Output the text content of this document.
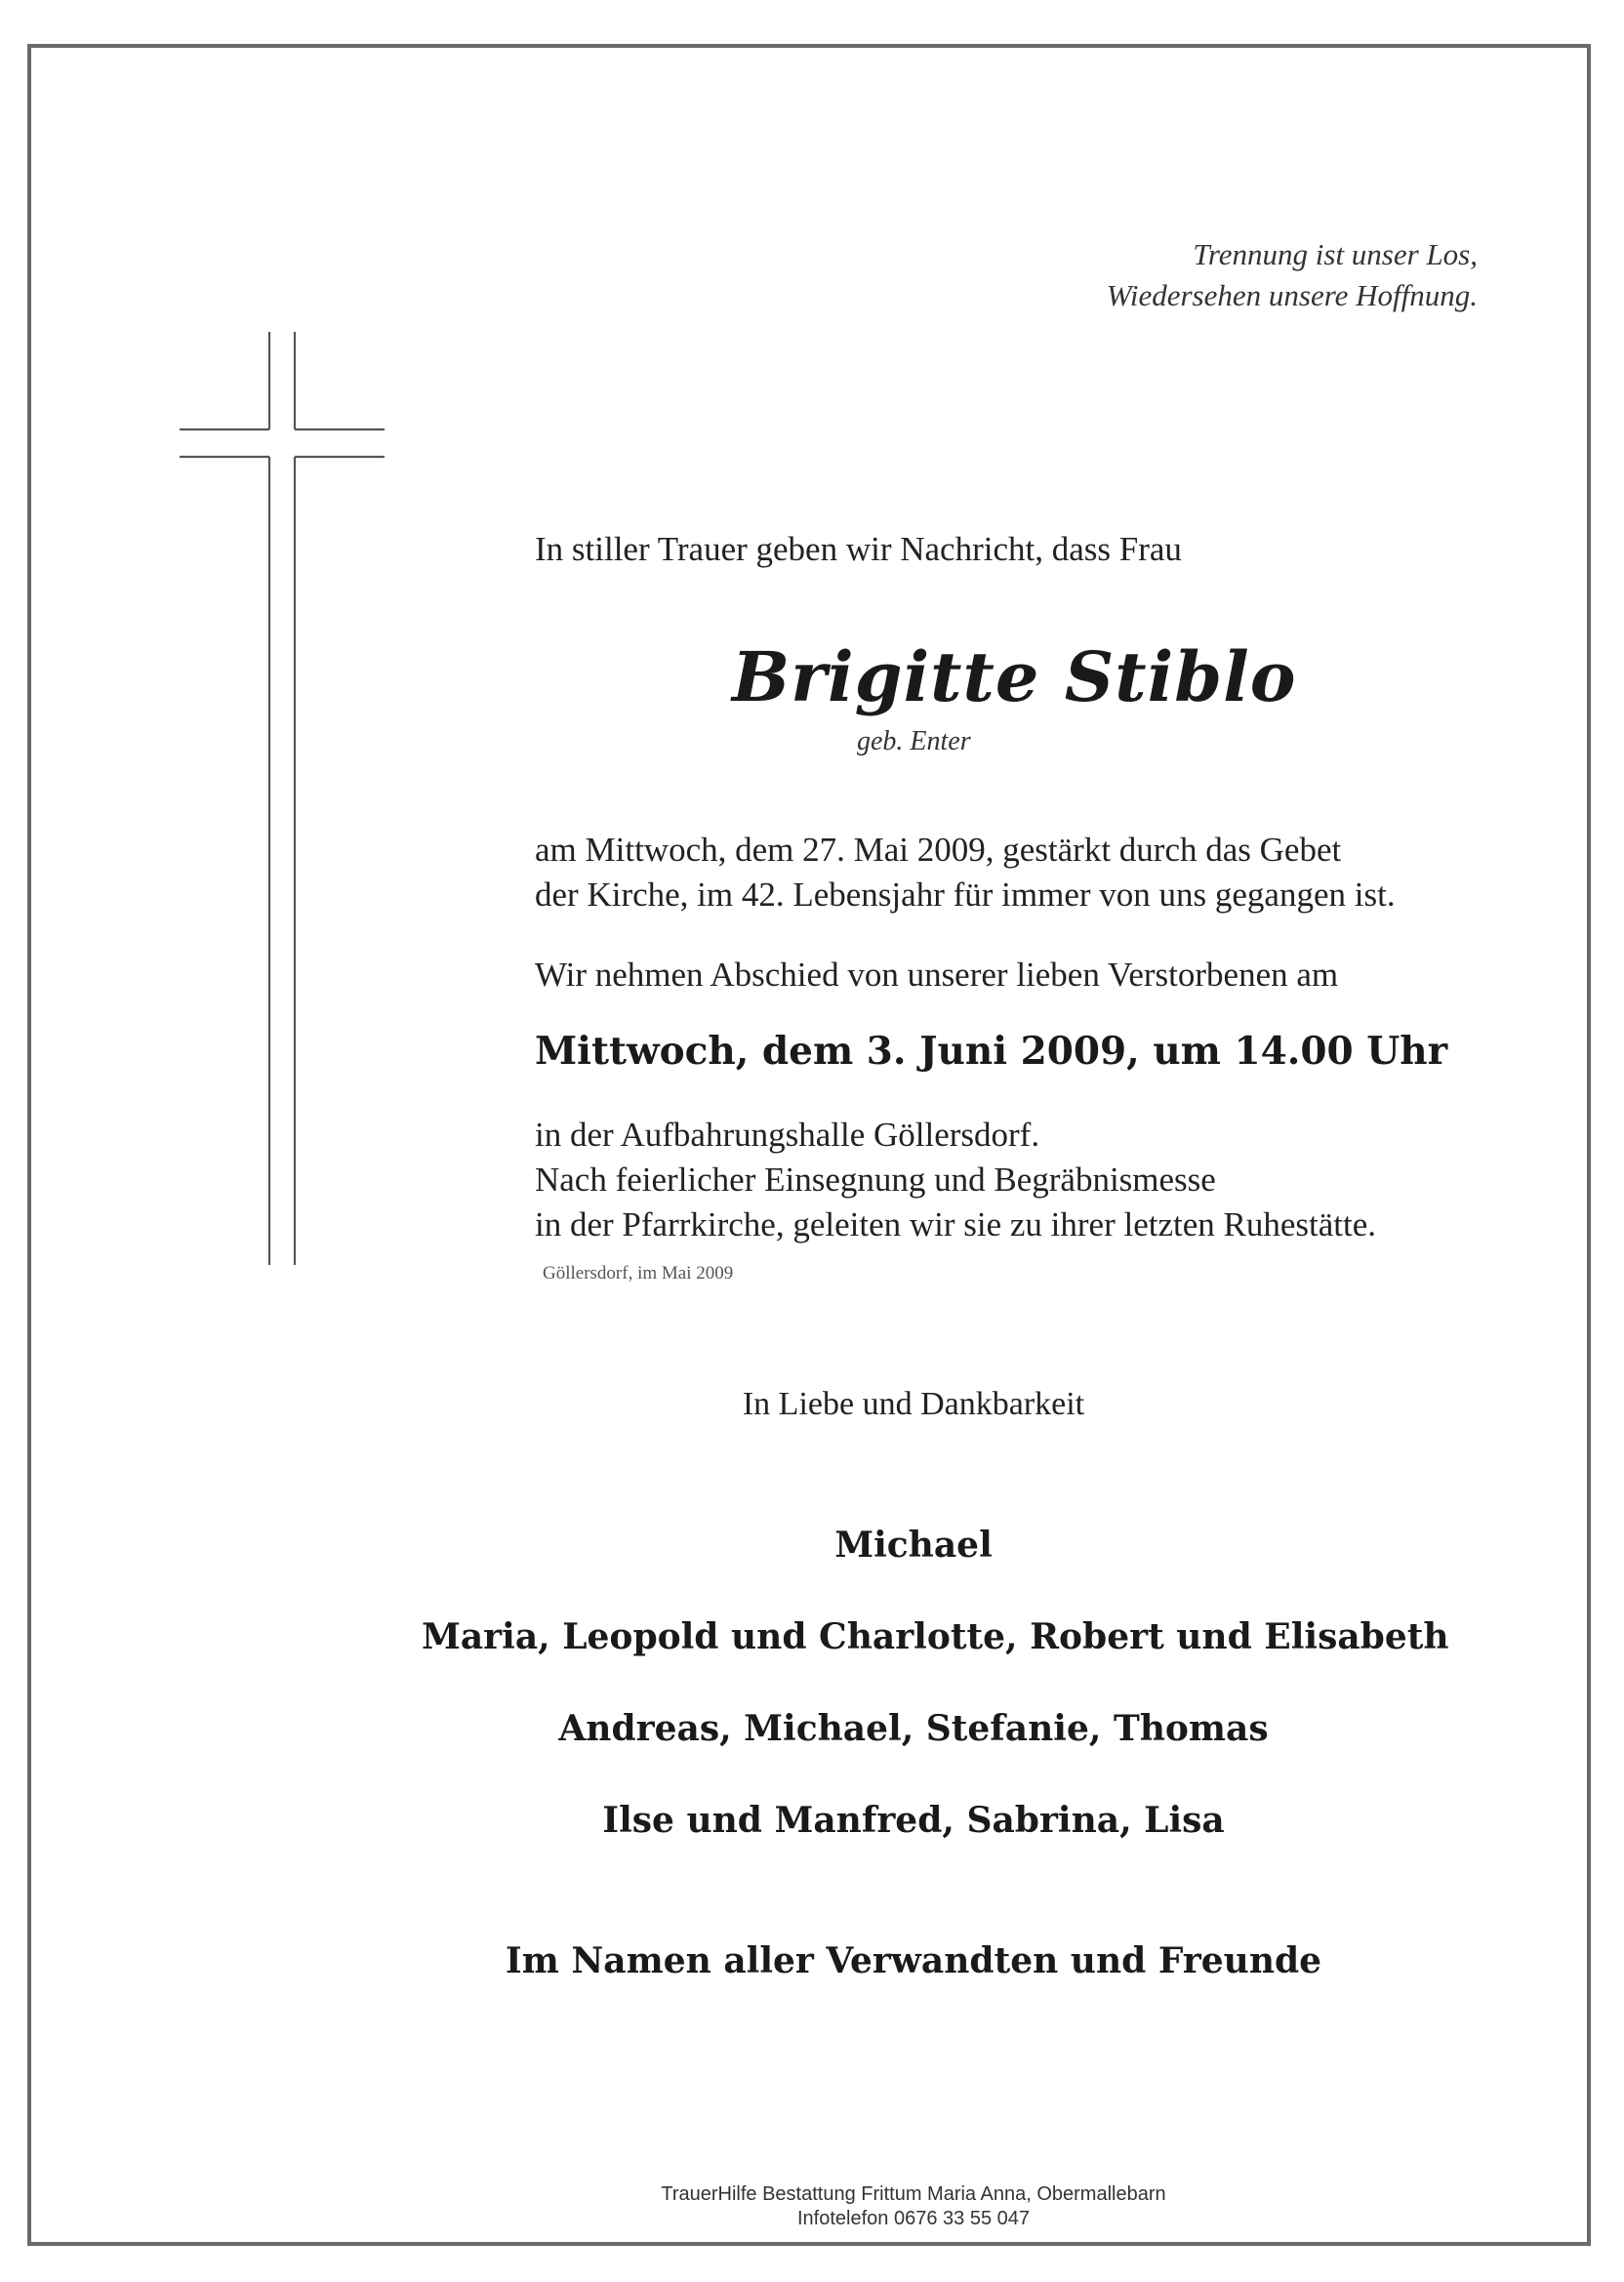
Trennung ist unser Los,
Wiedersehen unsere Hoffnung.
In stiller Trauer geben wir Nachricht, dass Frau
Brigitte Stiblo
geb. Enter
am Mittwoch, dem 27. Mai 2009, gestärkt durch das Gebet
der Kirche, im 42. Lebensjahr für immer von uns gegangen ist.
Wir nehmen Abschied von unserer lieben Verstorbenen am
Mittwoch, dem 3. Juni 2009, um 14.00 Uhr
in der Aufbahrungshalle Göllersdorf.
Nach feierlicher Einsegnung und Begräbnismesse
in der Pfarrkirche, geleiten wir sie zu ihrer letzten Ruhestätte.
Göllersdorf, im Mai 2009
In Liebe und Dankbarkeit
Michael
Maria, Leopold und Charlotte, Robert und Elisabeth
Andreas, Michael, Stefanie, Thomas
Ilse und Manfred, Sabrina, Lisa
Im Namen aller Verwandten und Freunde
TrauerHilfe Bestattung Frittum Maria Anna, Obermallebarn
Infotelefon 0676 33 55 047
